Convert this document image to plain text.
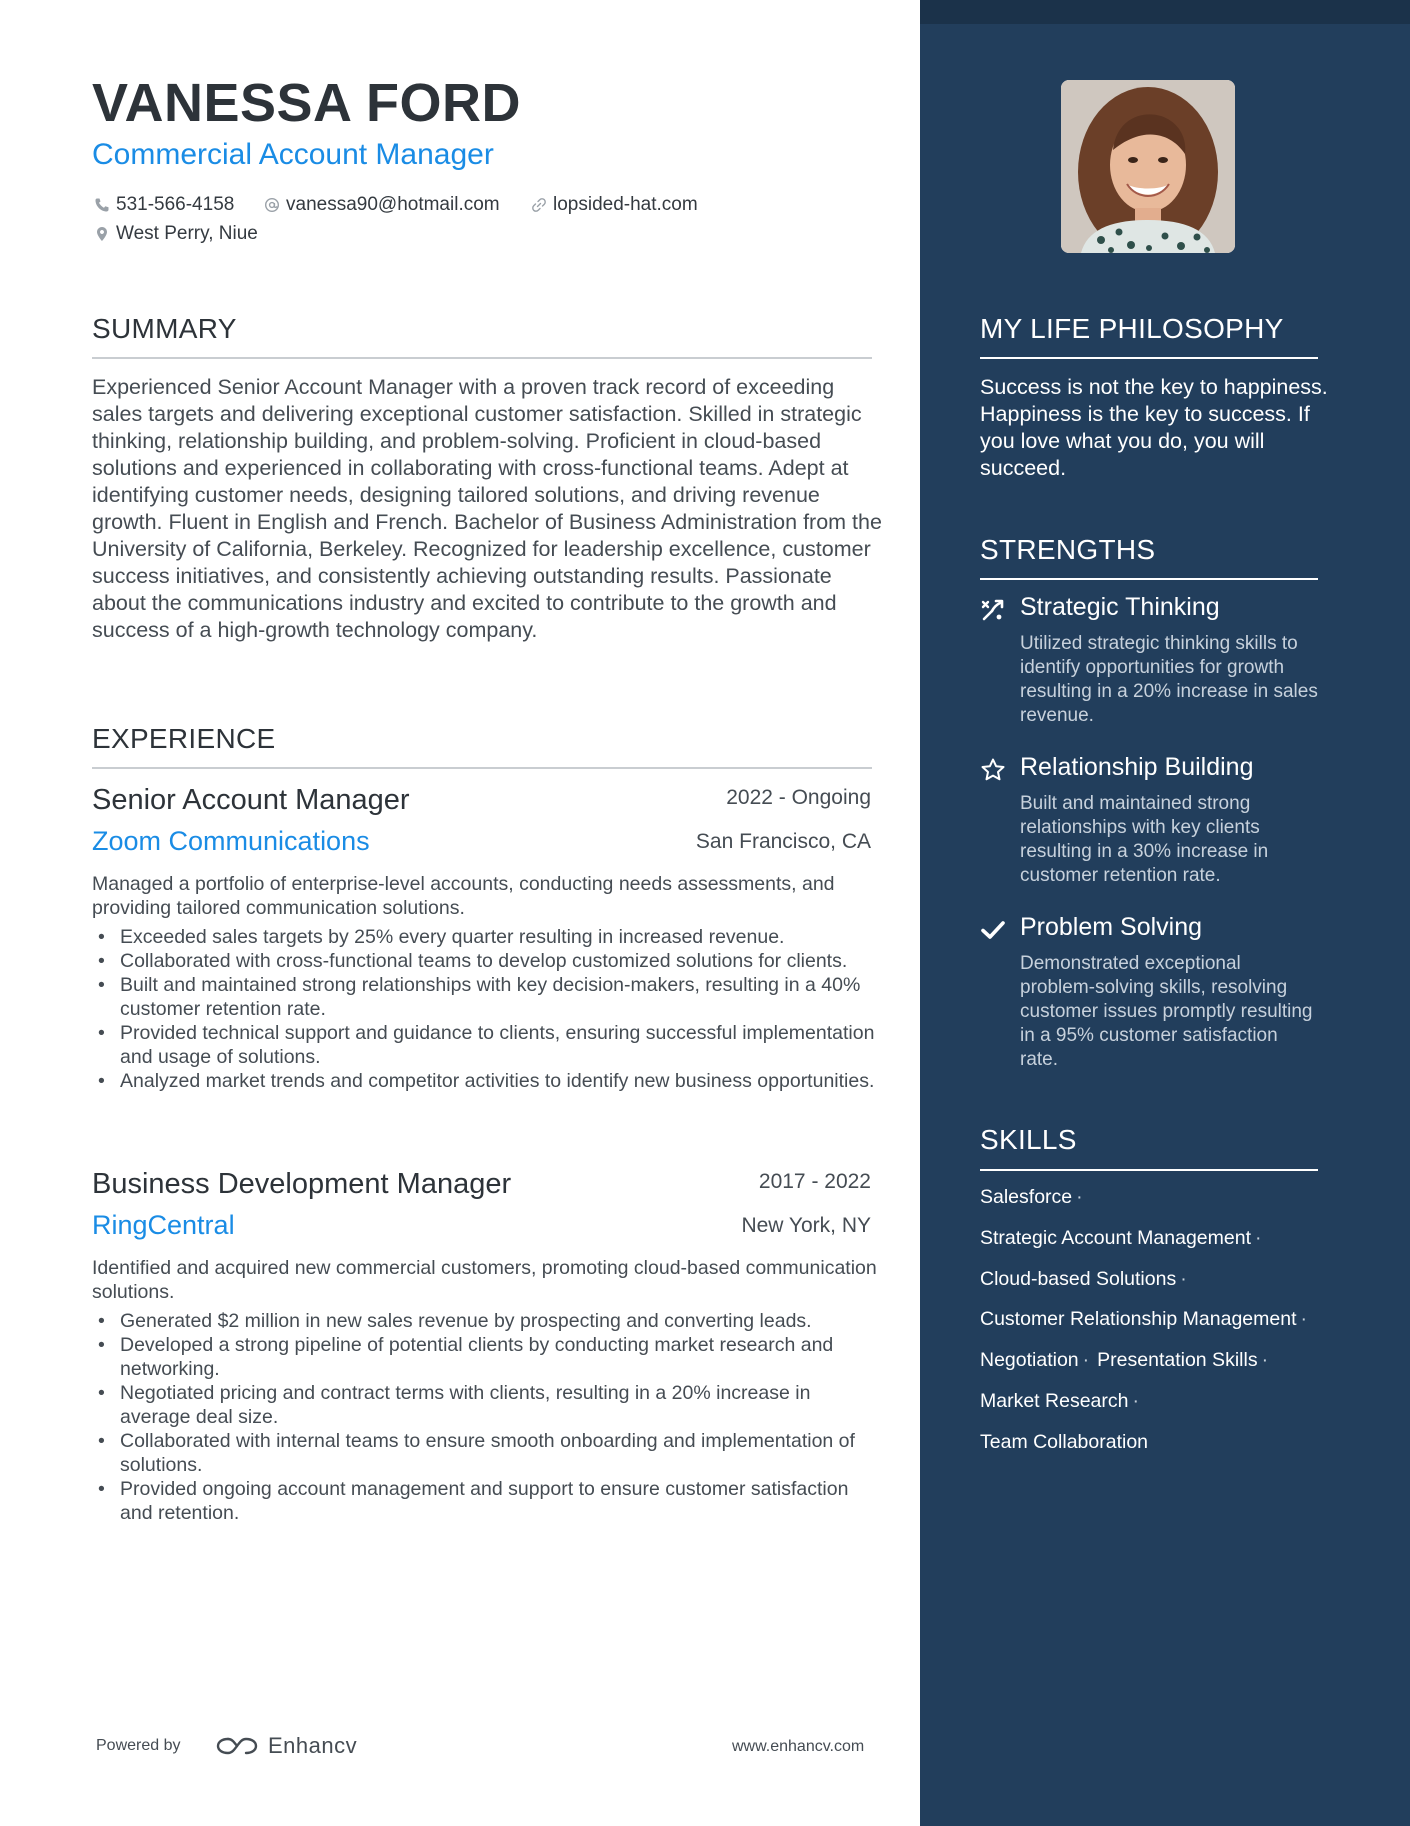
VANESSA FORD
Commercial Account Manager
531-566-4158	vanessa90@hotmail.com	lopsided-hat.com
West Perry, Niue
SUMMARY

Experienced Senior Account Manager with a proven track record of exceeding sales targets and delivering exceptional customer satisfaction. Skilled in strategic thinking, relationship building, and problem-solving. Proficient in cloud-based solutions and experienced in collaborating with cross-functional teams. Adept at identifying customer needs, designing tailored solutions, and driving revenue growth. Fluent in English and French. Bachelor of Business Administration from the University of California, Berkeley. Recognized for leadership excellence, customer success initiatives, and consistently achieving outstanding results. Passionate about the communications industry and excited to contribute to the growth and success of a high-growth technology company.

EXPERIENCE
Senior Account Manager	2022 - Ongoing
Zoom Communications	San Francisco, CA

Managed a portfolio of enterprise-level accounts, conducting needs assessments, and providing tailored communication solutions.

• Exceeded sales targets by 25% every quarter resulting in increased revenue.
• Collaborated with cross-functional teams to develop customized solutions for clients.
• Built and maintained strong relationships with key decision-makers, resulting in a 40% customer retention rate.
• Provided technical support and guidance to clients, ensuring successful implementation and usage of solutions.
• Analyzed market trends and competitor activities to identify new business opportunities.
Business Development Manager	2017 - 2022
RingCentral	New York, NY

Identified and acquired new commercial customers, promoting cloud-based communication solutions.

• Generated $2 million in new sales revenue by prospecting and converting leads.
• Developed a strong pipeline of potential clients by conducting market research and networking.
• Negotiated pricing and contract terms with clients, resulting in a 20% increase in average deal size.
• Collaborated with internal teams to ensure smooth onboarding and implementation of solutions.
• Provided ongoing account management and support to ensure customer satisfaction and retention.
Powered by	Enhancv	www.enhancv.com
MY LIFE PHILOSOPHY

Success is not the key to happiness. Happiness is the key to success. If you love what you do, you will succeed.

STRENGTHS
Strategic Thinking

Utilized strategic thinking skills to identify opportunities for growth resulting in a 20% increase in sales revenue.

Relationship Building

Built and maintained strong relationships with key clients resulting in a 30% increase in customer retention rate.

Problem Solving

Demonstrated exceptional problem-solving skills, resolving customer issues promptly resulting in a 95% customer satisfaction rate.

SKILLS
Salesforce ·
Strategic Account Management ·
Cloud-based Solutions ·
Customer Relationship Management ·
Negotiation · Presentation Skills ·
Market Research ·
Team Collaboration
